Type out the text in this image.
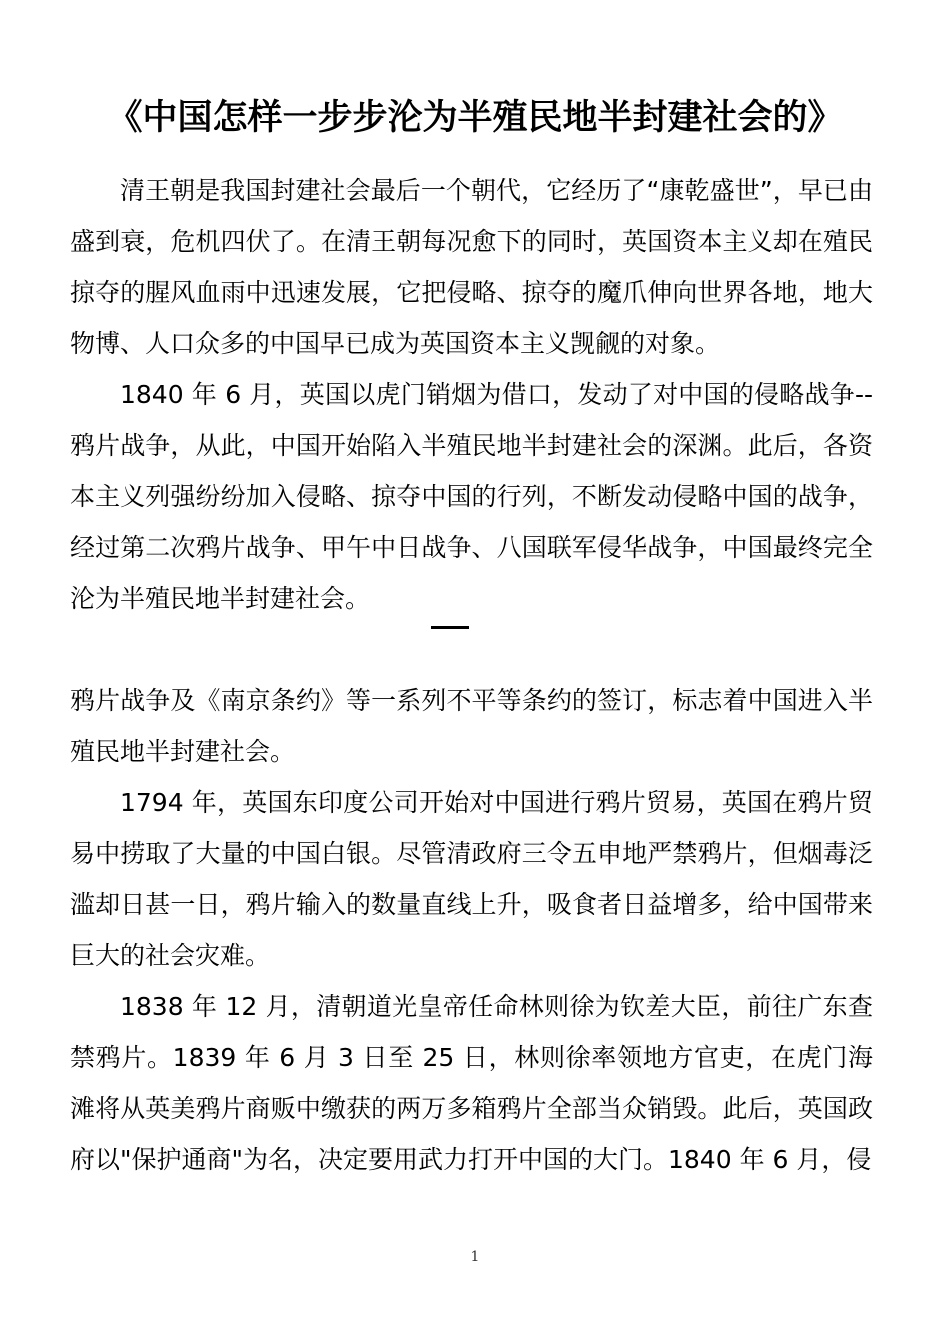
《中国怎样一步步沦为半殖民地半封建社会的》

清王朝是我国封建社会最后一个朝代，它经历了“康乾盛世”，早已由盛到衰，危机四伏了。在清王朝每况愈下的同时，英国资本主义却在殖民掠夺的腥风血雨中迅速发展，它把侵略、掠夺的魔爪伸向世界各地，地大物博、人口众多的中国早已成为英国资本主义觊觎的对象。

1840 年 6 月，英国以虎门销烟为借口，发动了对中国的侵略战争--鸦片战争，从此，中国开始陷入半殖民地半封建社会的深渊。此后，各资本主义列强纷纷加入侵略、掠夺中国的行列，不断发动侵略中国的战争，经过第二次鸦片战争、甲午中日战争、八国联军侵华战争，中国最终完全沦为半殖民地半封建社会。

鸦片战争及《南京条约》等一系列不平等条约的签订，标志着中国进入半殖民地半封建社会。

1794 年，英国东印度公司开始对中国进行鸦片贸易，英国在鸦片贸易中捞取了大量的中国白银。尽管清政府三令五申地严禁鸦片，但烟毒泛滥却日甚一日，鸦片输入的数量直线上升，吸食者日益增多，给中国带来巨大的社会灾难。

1838 年 12 月，清朝道光皇帝任命林则徐为钦差大臣，前往广东查禁鸦片。1839 年 6 月 3 日至 25 日，林则徐率领地方官吏，在虎门海滩将从英美鸦片商贩中缴获的两万多箱鸦片全部当众销毁。此后，英国政府以"保护通商"为名，决定要用武力打开中国的大门。1840 年 6 月，侵

1
